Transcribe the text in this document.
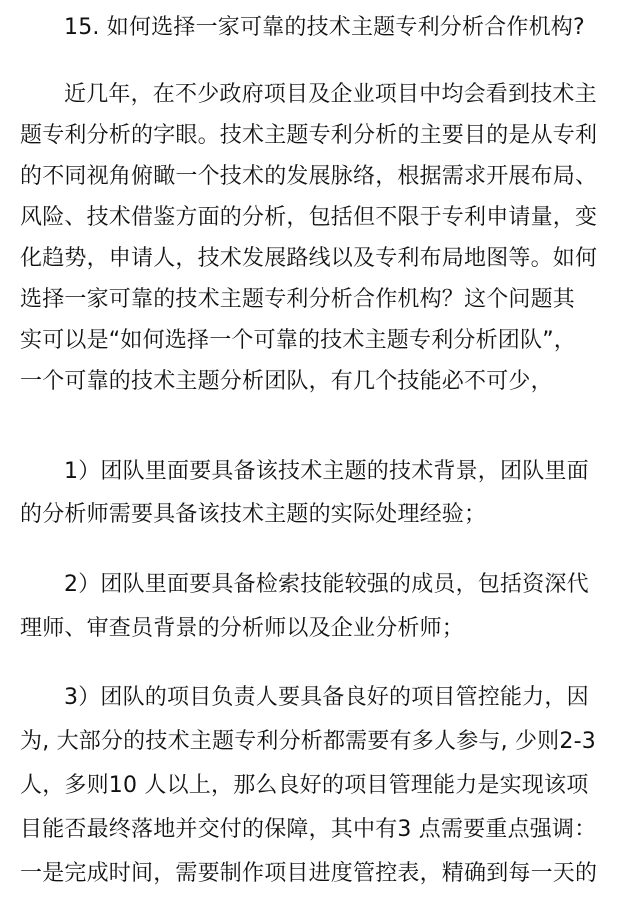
15. 如何选择一家可靠的技术主题专利分析合作机构?

近几年，在不少政府项目及企业项目中均会看到技术主

题专利分析的字眼。技术主题专利分析的主要目的是从专利

的不同视角俯瞰一个技术的发展脉络，根据需求开展布局、

风险、技术借鉴方面的分析，包括但不限于专利申请量，变

化趋势，申请人，技术发展路线以及专利布局地图等。如何

选择一家可靠的技术主题专利分析合作机构？这个问题其

实可以是“如何选择一个可靠的技术主题专利分析团队”，

一个可靠的技术主题分析团队，有几个技能必不可少，

1）团队里面要具备该技术主题的技术背景，团队里面

的分析师需要具备该技术主题的实际处理经验；

2）团队里面要具备检索技能较强的成员，包括资深代

理师、审查员背景的分析师以及企业分析师；

3）团队的项目负责人要具备良好的项目管控能力，因

为, 大部分的技术主题专利分析都需要有多人参与, 少则2-3

人，多则10 人以上，那么良好的项目管理能力是实现该项

目能否最终落地并交付的保障，其中有3 点需要重点强调：

一是完成时间，需要制作项目进度管控表，精确到每一天的
